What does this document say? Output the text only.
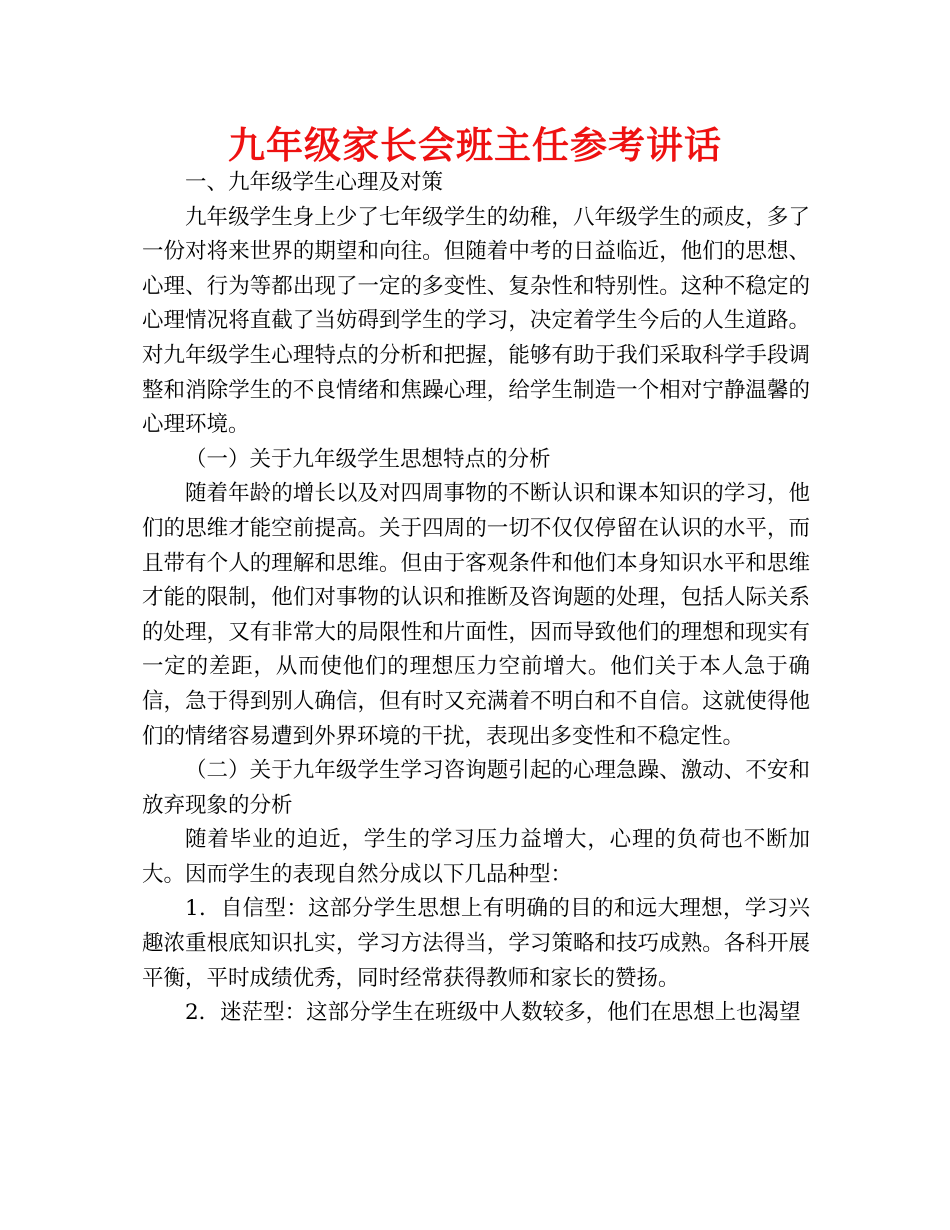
九年级家长会班主任参考讲话

一、九年级学生心理及对策

九年级学生身上少了七年级学生的幼稚，八年级学生的顽皮，多了一份对将来世界的期望和向往。但随着中考的日益临近，他们的思想、心理、行为等都出现了一定的多变性、复杂性和特别性。这种不稳定的心理情况将直截了当妨碍到学生的学习，决定着学生今后的人生道路。对九年级学生心理特点的分析和把握，能够有助于我们采取科学手段调整和消除学生的不良情绪和焦躁心理，给学生制造一个相对宁静温馨的心理环境。

（一）关于九年级学生思想特点的分析

随着年龄的增长以及对四周事物的不断认识和课本知识的学习，他们的思维才能空前提高。关于四周的一切不仅仅停留在认识的水平，而且带有个人的理解和思维。但由于客观条件和他们本身知识水平和思维才能的限制，他们对事物的认识和推断及咨询题的处理，包括人际关系的处理，又有非常大的局限性和片面性，因而导致他们的理想和现实有一定的差距，从而使他们的理想压力空前增大。他们关于本人急于确信，急于得到别人确信，但有时又充满着不明白和不自信。这就使得他们的情绪容易遭到外界环境的干扰，表现出多变性和不稳定性。

（二）关于九年级学生学习咨询题引起的心理急躁、激动、不安和放弃现象的分析

随着毕业的迫近，学生的学习压力益增大，心理的负荷也不断加大。因而学生的表现自然分成以下几品种型：

1．自信型：这部分学生思想上有明确的目的和远大理想，学习兴趣浓重根底知识扎实，学习方法得当，学习策略和技巧成熟。各科开展平衡，平时成绩优秀，同时经常获得教师和家长的赞扬。

2．迷茫型：这部分学生在班级中人数较多，他们在思想上也渴望
